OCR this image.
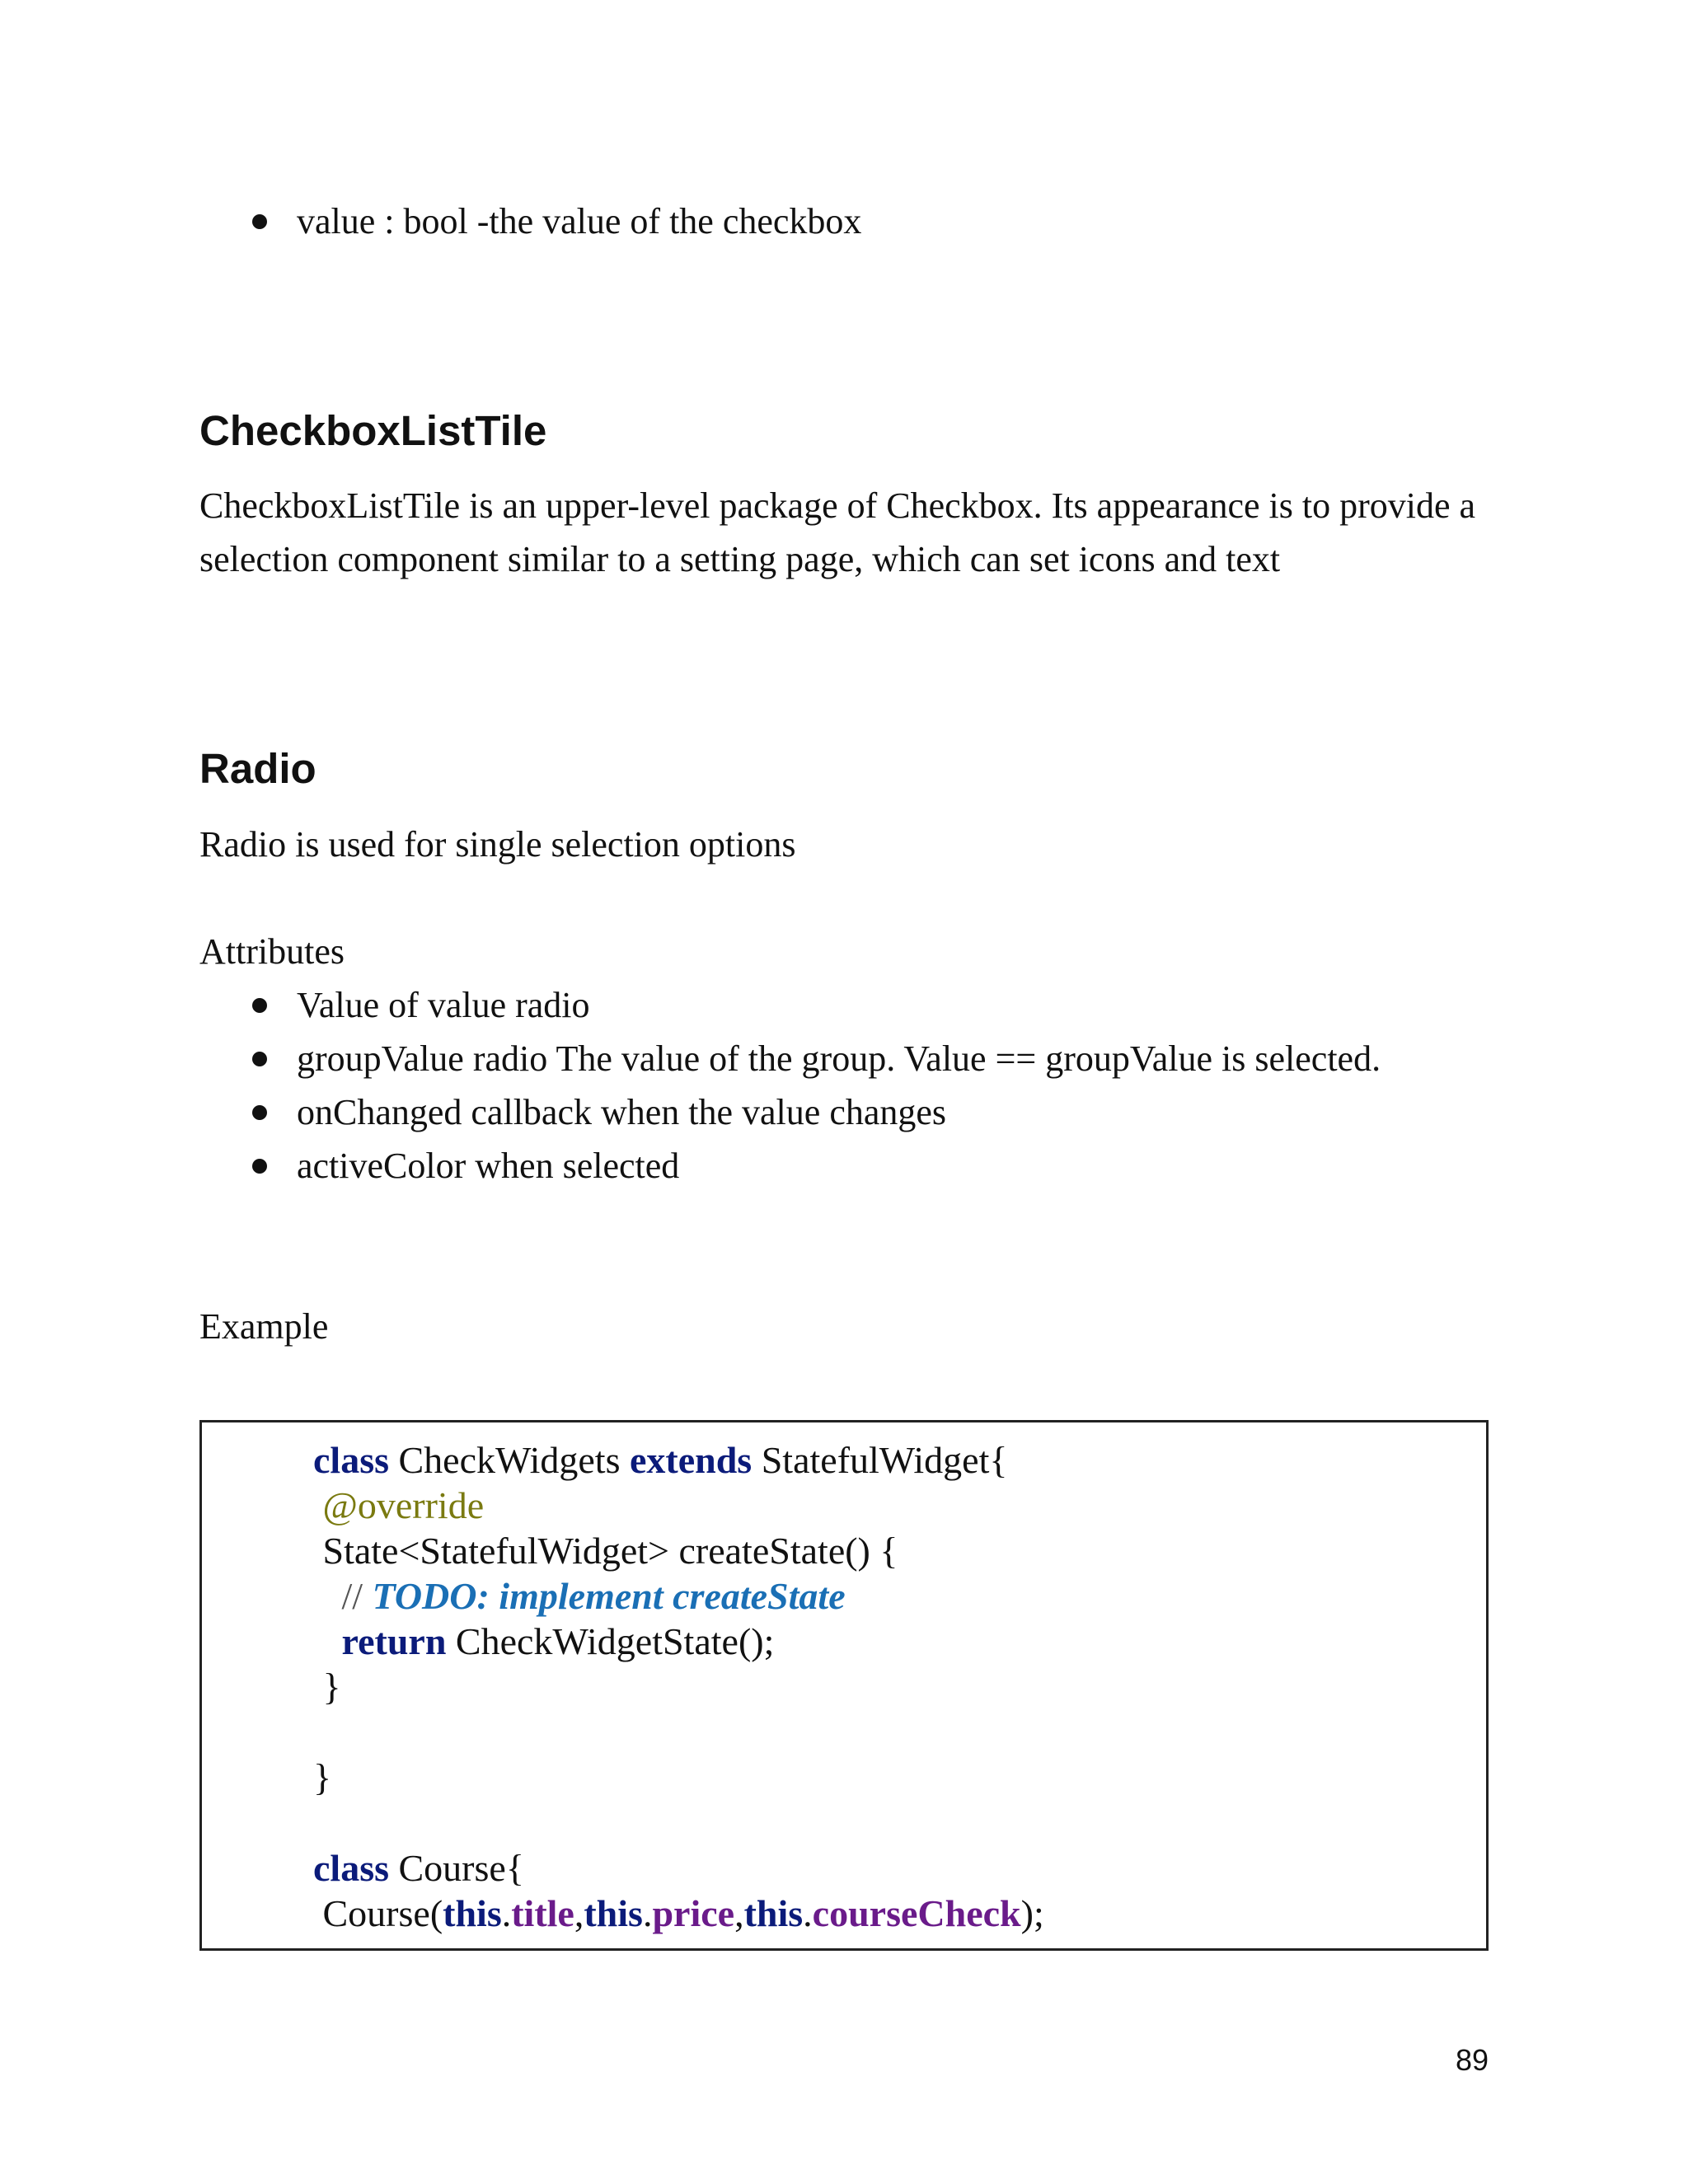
value : bool -the value of the checkbox
CheckboxListTile
CheckboxListTile is an upper-level package of Checkbox. Its appearance is to provide a selection component similar to a setting page, which can set icons and text
Radio
Radio is used for single selection options
Attributes
Value of value radio
groupValue radio The value of the group. Value == groupValue is selected.
onChanged callback when the value changes
activeColor when selected
Example
class CheckWidgets extends StatefulWidget{
@override
State<StatefulWidget> createState() {
// TODO: implement createState
return CheckWidgetState();
}

}

class Course{
Course(this.title,this.price,this.courseCheck);
89
